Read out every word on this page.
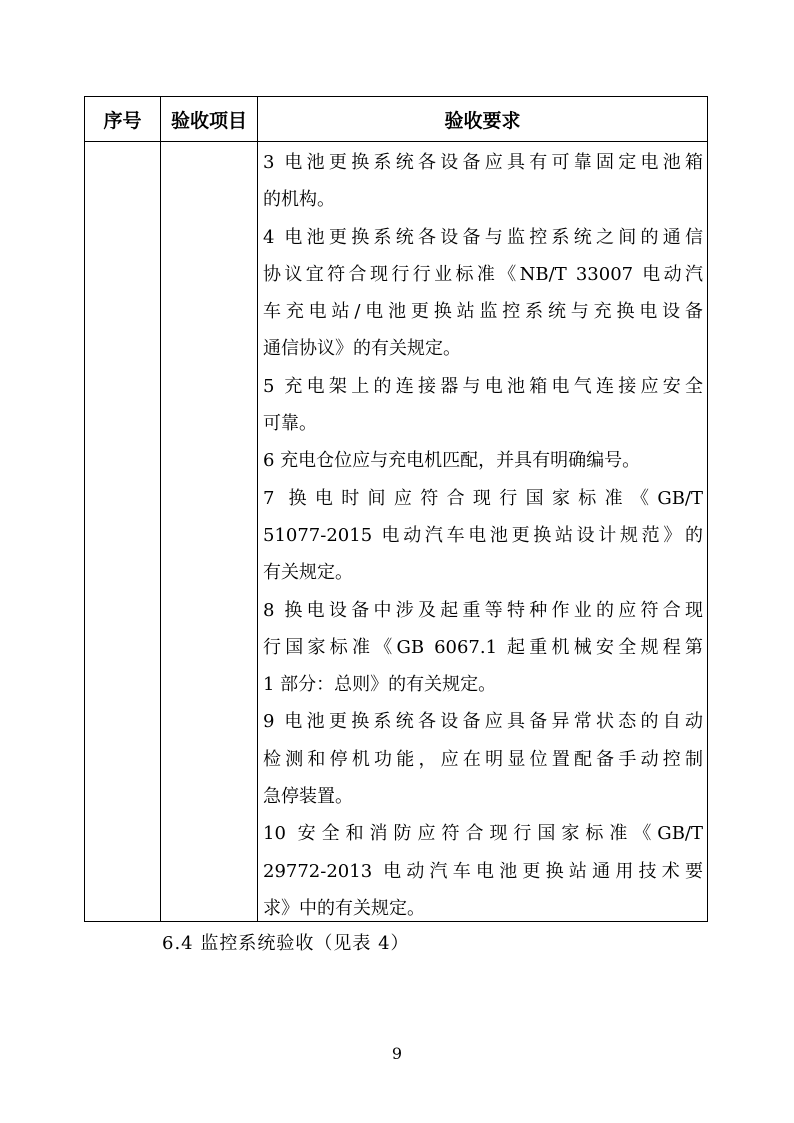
序号	验收项目	验收要求
3 电池更换系统各设备应具有可靠固定电池箱
的机构。
4 电池更换系统各设备与监控系统之间的通信
协议宜符合现行行业标准《NB/T 33007 电动汽
车充电站/电池更换站监控系统与充换电设备
通信协议》的有关规定。
5 充电架上的连接器与电池箱电气连接应安全
可靠。
6 充电仓位应与充电机匹配，并具有明确编号。
7 换电时间应符合现行国家标准《GB/T
51077-2015 电动汽车电池更换站设计规范》的
有关规定。
8 换电设备中涉及起重等特种作业的应符合现
行国家标准《GB 6067.1 起重机械安全规程第
1 部分：总则》的有关规定。
9 电池更换系统各设备应具备异常状态的自动
检测和停机功能，应在明显位置配备手动控制
急停装置。
10 安全和消防应符合现行国家标准《GB/T
29772-2013 电动汽车电池更换站通用技术要
求》中的有关规定。
6.4 监控系统验收（见表 4）
9
